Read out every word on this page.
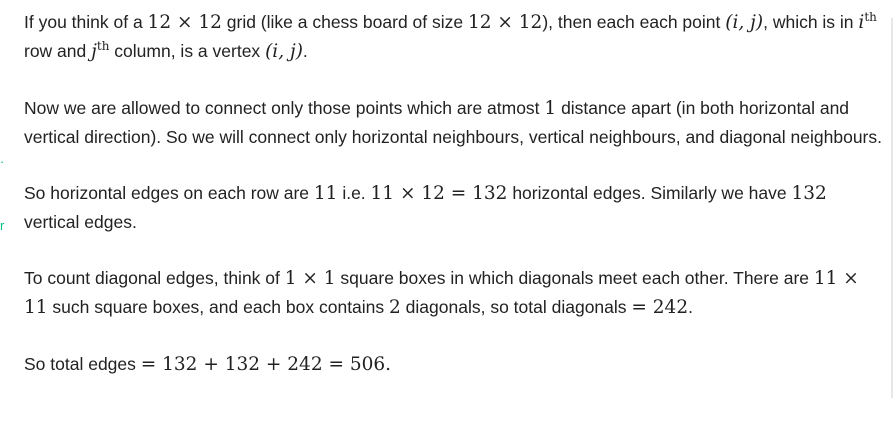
·
r

If you think of a 12 × 12 grid (like a chess board of size 12 × 12), then each each point (i, j), which is in $i^{th}$ row and $j^{th}$ column, is a vertex (i, j).

Now we are allowed to connect only those points which are atmost 1 distance apart (in both horizontal and vertical direction). So we will connect only horizontal neighbours, vertical neighbours, and diagonal neighbours.

So horizontal edges on each row are 11 i.e. 11 × 12 = 132 horizontal edges. Similarly we have 132 vertical edges.

To count diagonal edges, think of 1 × 1 square boxes in which diagonals meet each other. There are 11 × 11 such square boxes, and each box contains 2 diagonals, so total diagonals = 242.

So total edges = 132 + 132 + 242 = 506.
